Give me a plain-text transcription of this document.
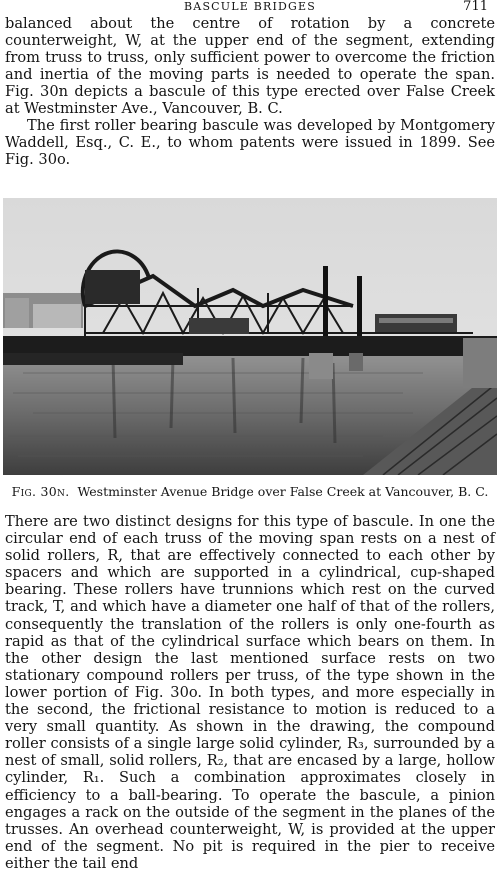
BASCULE BRIDGES	711

balanced about the centre of rotation by a concrete counterweight, W, at the upper end of the segment, extending from truss to truss, only sufficient power to overcome the friction and inertia of the moving parts is needed to operate the span. Fig. 30n depicts a bascule of this type erected over False Creek at Westminster Ave., Vancouver, B. C.

The first roller bearing bascule was developed by Montgomery Waddell, Esq., C. E., to whom patents were issued in 1899. See Fig. 30o.

Fig. 30n. Westminster Avenue Bridge over False Creek at Vancouver, B. C.

There are two distinct designs for this type of bascule. In one the circular end of each truss of the moving span rests on a nest of solid rollers, R, that are effectively connected to each other by spacers and which are supported in a cylindrical, cup-shaped bearing. These rollers have trunnions which rest on the curved track, T, and which have a diameter one half of that of the rollers, consequently the translation of the rollers is only one-fourth as rapid as that of the cylindrical surface which bears on them. In the other design the last mentioned surface rests on two stationary compound rollers per truss, of the type shown in the lower portion of Fig. 30o. In both types, and more especially in the second, the frictional resistance to motion is reduced to a very small quantity. As shown in the drawing, the compound roller consists of a single large solid cylinder, R₃, surrounded by a nest of small, solid rollers, R₂, that are encased by a large, hollow cylinder, R₁. Such a combination approximates closely in efficiency to a ball-bearing. To operate the bascule, a pinion engages a rack on the outside of the segment in the planes of the trusses. An overhead counterweight, W, is provided at the upper end of the segment. No pit is required in the pier to receive either the tail end
